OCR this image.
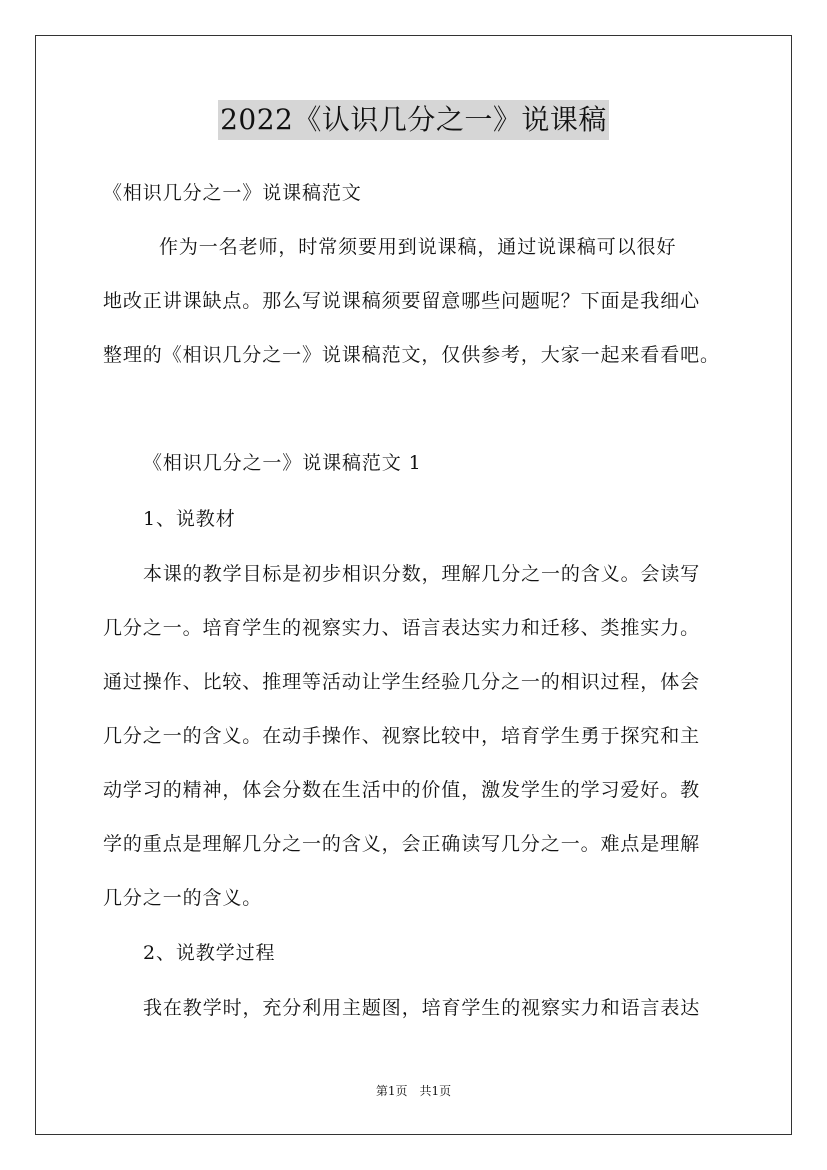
2022《认识几分之一》说课稿
《相识几分之一》说课稿范文
作为一名老师，时常须要用到说课稿，通过说课稿可以很好
地改正讲课缺点。那么写说课稿须要留意哪些问题呢？下面是我细心
整理的《相识几分之一》说课稿范文，仅供参考，大家一起来看看吧。
《相识几分之一》说课稿范文 1
1、说教材
本课的教学目标是初步相识分数，理解几分之一的含义。会读写
几分之一。培育学生的视察实力、语言表达实力和迁移、类推实力。
通过操作、比较、推理等活动让学生经验几分之一的相识过程，体会
几分之一的含义。在动手操作、视察比较中，培育学生勇于探究和主
动学习的精神，体会分数在生活中的价值，激发学生的学习爱好。教
学的重点是理解几分之一的含义，会正确读写几分之一。难点是理解
几分之一的含义。
2、说教学过程
我在教学时，充分利用主题图，培育学生的视察实力和语言表达
第1页　共1页
